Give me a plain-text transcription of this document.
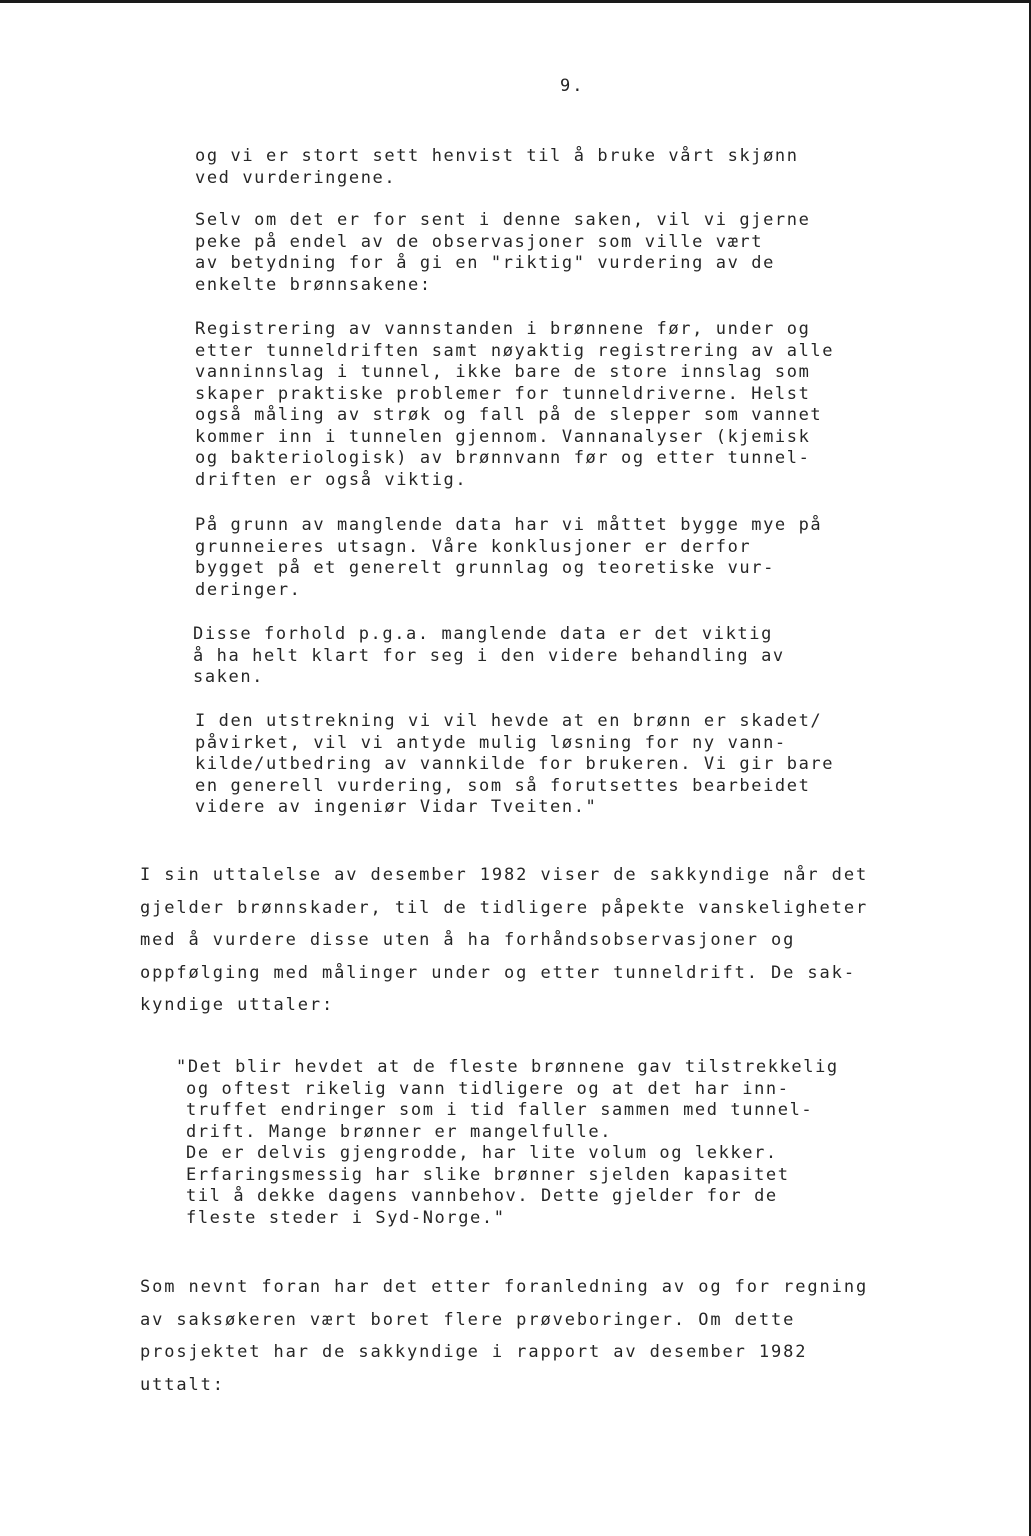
9.

og vi er stort sett henvist til å bruke vårt skjønn
ved vurderingene.

Selv om det er for sent i denne saken, vil vi gjerne
peke på endel av de observasjoner som ville vært
av betydning for å gi en "riktig" vurdering av de
enkelte brønnsakene:

Registrering av vannstanden i brønnene før, under og
etter tunneldriften samt nøyaktig registrering av alle
vanninnslag i tunnel, ikke bare de store innslag som
skaper praktiske problemer for tunneldriverne. Helst
også måling av strøk og fall på de slepper som vannet
kommer inn i tunnelen gjennom. Vannanalyser (kjemisk
og bakteriologisk) av brønnvann før og etter tunnel-
driften er også viktig.

På grunn av manglende data har vi måttet bygge mye på
grunneieres utsagn. Våre konklusjoner er derfor
bygget på et generelt grunnlag og teoretiske vur-
deringer.

Disse forhold p.g.a. manglende data er det viktig
å ha helt klart for seg i den videre behandling av
saken.

I den utstrekning vi vil hevde at en brønn er skadet/
påvirket, vil vi antyde mulig løsning for ny vann-
kilde/utbedring av vannkilde for brukeren. Vi gir bare
en generell vurdering, som så forutsettes bearbeidet
videre av ingeniør Vidar Tveiten."

I sin uttalelse av desember 1982 viser de sakkyndige når det
gjelder brønnskader, til de tidligere påpekte vanskeligheter
med å vurdere disse uten å ha forhåndsobservasjoner og
oppfølging med målinger under og etter tunneldrift. De sak-
kyndige uttaler:

"Det blir hevdet at de fleste brønnene gav tilstrekkelig
og oftest rikelig vann tidligere og at det har inn-
truffet endringer som i tid faller sammen med tunnel-
drift. Mange brønner er mangelfulle.
De er delvis gjengrodde, har lite volum og lekker.
Erfaringsmessig har slike brønner sjelden kapasitet
til å dekke dagens vannbehov. Dette gjelder for de
fleste steder i Syd-Norge."

Som nevnt foran har det etter foranledning av og for regning
av saksøkeren vært boret flere prøveboringer. Om dette
prosjektet har de sakkyndige i rapport av desember 1982
uttalt:
